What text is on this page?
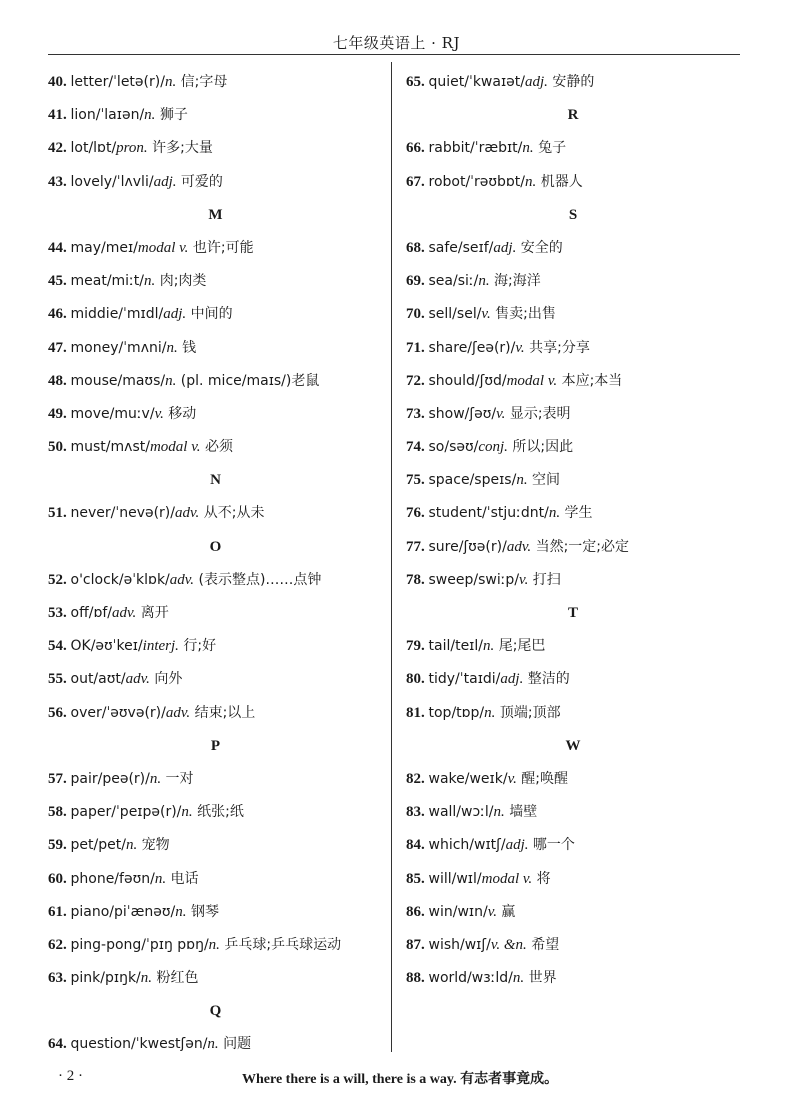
七年级英语上 · RJ
40. letter/ˈletə(r)/n. 信;字母
41. lion/ˈlaɪən/n. 狮子
42. lot/lɒt/pron. 许多;大量
43. lovely/ˈlʌvli/adj. 可爱的
M
44. may/meɪ/modal v. 也许;可能
45. meat/miːt/n. 肉;肉类
46. middie/ˈmɪdl/adj. 中间的
47. money/ˈmʌni/n. 钱
48. mouse/maʊs/n. (pl. mice/maɪs/)老鼠
49. move/muːv/v. 移动
50. must/mʌst/modal v. 必须
N
51. never/ˈnevə(r)/adv. 从不;从未
O
52. o'clock/əˈklɒk/adv. (表示整点)……点钟
53. off/ɒf/adv. 离开
54. OK/əʊˈkeɪ/interj. 行;好
55. out/aʊt/adv. 向外
56. over/ˈəʊvə(r)/adv. 结束;以上
P
57. pair/peə(r)/n. 一对
58. paper/ˈpeɪpə(r)/n. 纸张;纸
59. pet/pet/n. 宠物
60. phone/fəʊn/n. 电话
61. piano/piˈænəʊ/n. 钢琴
62. ping-pong/ˈpɪŋ pɒŋ/n. 乒乓球;乒乓球运动
63. pink/pɪŋk/n. 粉红色
Q
64. question/ˈkwestʃən/n. 问题
65. quiet/ˈkwaɪət/adj. 安静的
R
66. rabbit/ˈræbɪt/n. 兔子
67. robot/ˈrəʊbɒt/n. 机器人
S
68. safe/seɪf/adj. 安全的
69. sea/siː/n. 海;海洋
70. sell/sel/v. 售卖;出售
71. share/ʃeə(r)/v. 共享;分享
72. should/ʃʊd/modal v. 本应;本当
73. show/ʃəʊ/v. 显示;表明
74. so/səʊ/conj. 所以;因此
75. space/speɪs/n. 空间
76. student/ˈstjuːdnt/n. 学生
77. sure/ʃʊə(r)/adv. 当然;一定;必定
78. sweep/swiːp/v. 打扫
T
79. tail/teɪl/n. 尾;尾巴
80. tidy/ˈtaɪdi/adj. 整洁的
81. top/tɒp/n. 顶端;顶部
W
82. wake/weɪk/v. 醒;唤醒
83. wall/wɔːl/n. 墙壁
84. which/wɪtʃ/adj. 哪一个
85. will/wɪl/modal v. 将
86. win/wɪn/v. 赢
87. wish/wɪʃ/v. &n. 希望
88. world/wɜːld/n. 世界
· 2 ·	Where there is a will, there is a way. 有志者事竟成。
